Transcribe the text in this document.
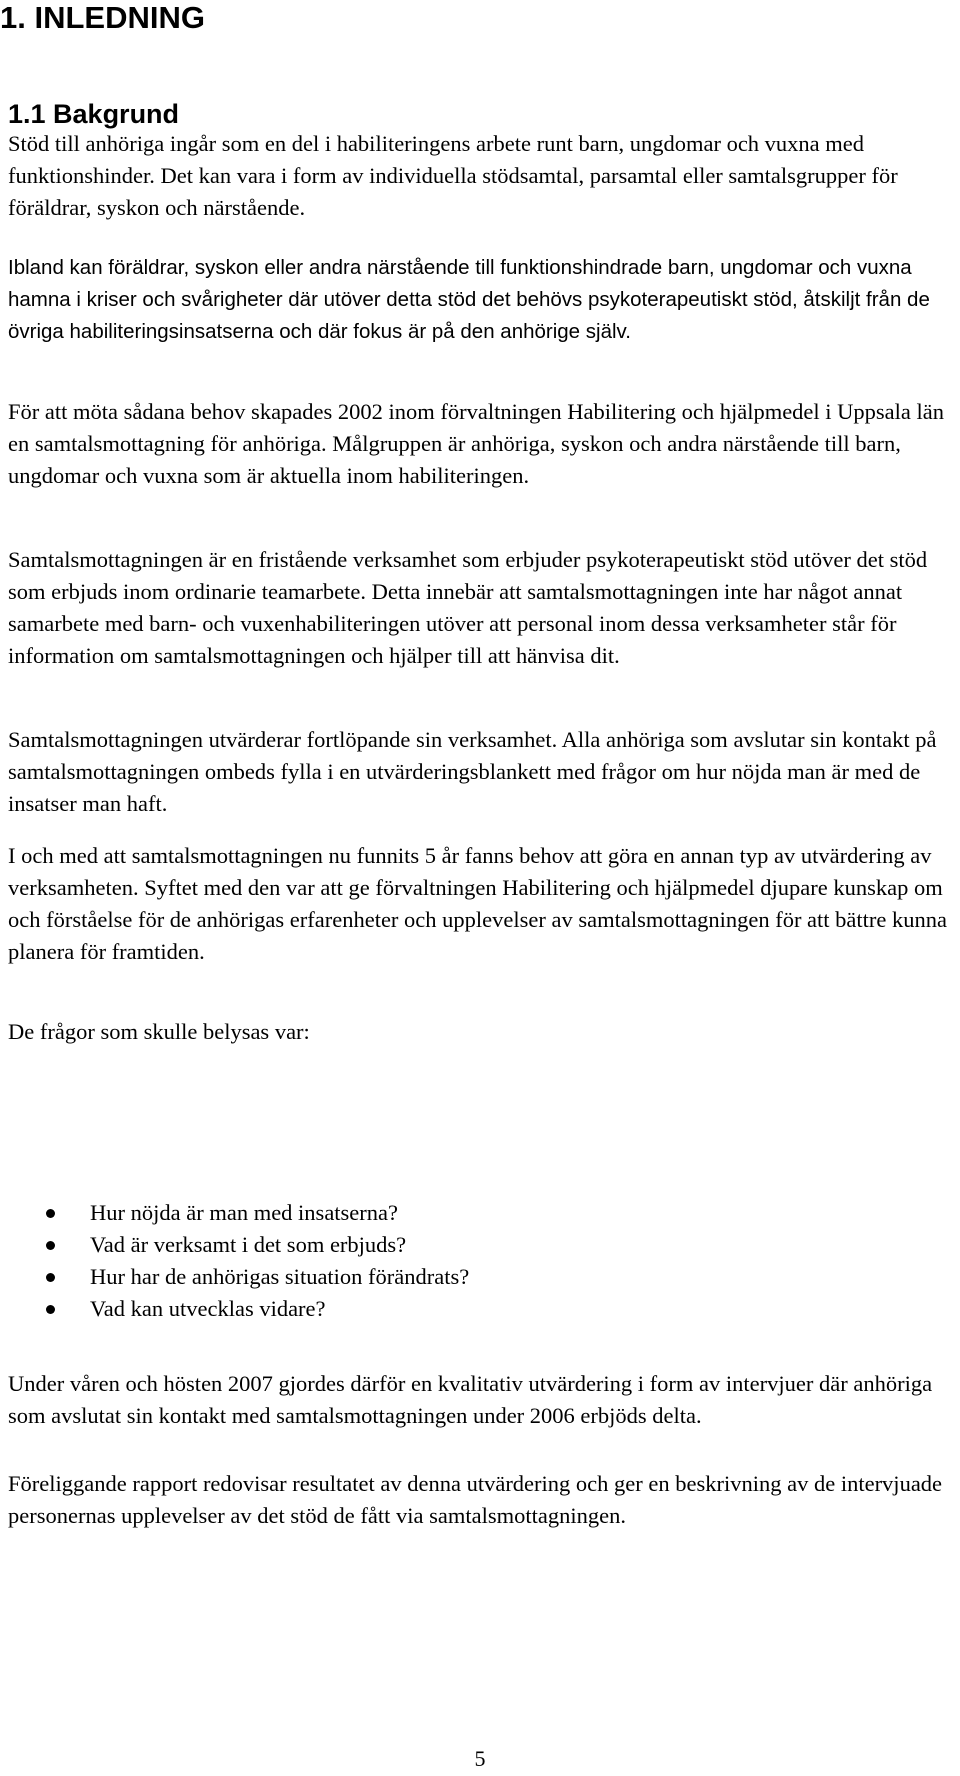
1. INLEDNING
1.1 Bakgrund

Stöd till anhöriga ingår som en del i habiliteringens arbete runt barn, ungdomar och vuxna med funktionshinder. Det kan vara i form av individuella stödsamtal, parsamtal eller samtalsgrupper för föräldrar, syskon och närstående.

Ibland kan föräldrar, syskon eller andra närstående till funktionshindrade barn, ungdomar och vuxna hamna i kriser och svårigheter där utöver detta stöd det behövs psykoterapeutiskt stöd, åtskiljt från de övriga habiliteringsinsatserna och där fokus är på den anhörige själv.

För att möta sådana behov skapades 2002 inom förvaltningen Habilitering och hjälpmedel i Uppsala län en samtalsmottagning för anhöriga. Målgruppen är anhöriga, syskon och andra närstående till barn, ungdomar och vuxna som är aktuella inom habiliteringen.

Samtalsmottagningen är en fristående verksamhet som erbjuder psykoterapeutiskt stöd utöver det stöd som erbjuds inom ordinarie teamarbete. Detta innebär att samtalsmottagningen inte har något annat samarbete med barn- och vuxenhabiliteringen utöver att personal inom dessa verksamheter står för information om samtalsmottagningen och hjälper till att hänvisa dit.

Samtalsmottagningen utvärderar fortlöpande sin verksamhet. Alla anhöriga som avslutar sin kontakt på samtalsmottagningen ombeds fylla i en utvärderingsblankett med frågor om hur nöjda man är med de insatser man haft.

I och med att samtalsmottagningen nu funnits 5 år fanns behov att göra en annan typ av utvärdering av verksamheten. Syftet med den var att ge förvaltningen Habilitering och hjälpmedel djupare kunskap om och förståelse för de anhörigas erfarenheter och upplevelser av samtalsmottagningen för att bättre kunna planera för framtiden.

De frågor som skulle belysas var:

Hur nöjda är man med insatserna?
Vad är verksamt i det som erbjuds?
Hur har de anhörigas situation förändrats?
Vad kan utvecklas vidare?

Under våren och hösten 2007 gjordes därför en kvalitativ utvärdering i form av intervjuer där anhöriga som avslutat sin kontakt med samtalsmottagningen under 2006 erbjöds delta.

Föreliggande rapport redovisar resultatet av denna utvärdering och ger en beskrivning av de intervjuade personernas upplevelser av det stöd de fått via samtalsmottagningen.

5
